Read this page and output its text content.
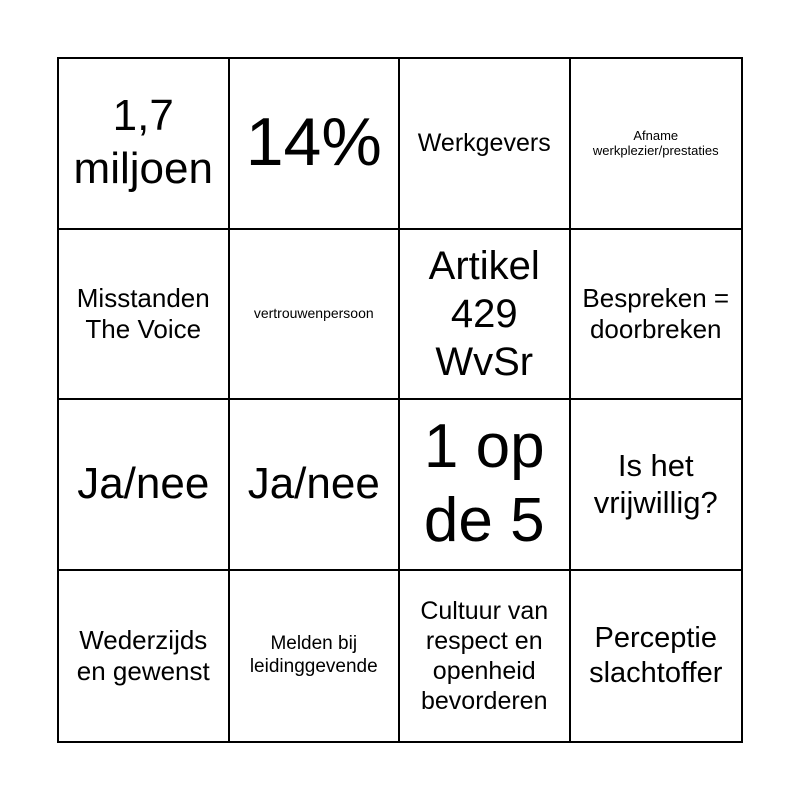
1,7 miljoen 14% Werkgevers	Afname werkplezier/prestaties
Misstanden The Voice
vertrouwenpersoon
Artikel 429 WvSr
Bespreken = doorbreken
Ja/nee Ja/nee
1 op de 5
Is het vrijwillig?
Wederzijds en gewenst
Melden bij leidinggevende
Cultuur van respect en openheid bevorderen
Perceptie slachtoffer
